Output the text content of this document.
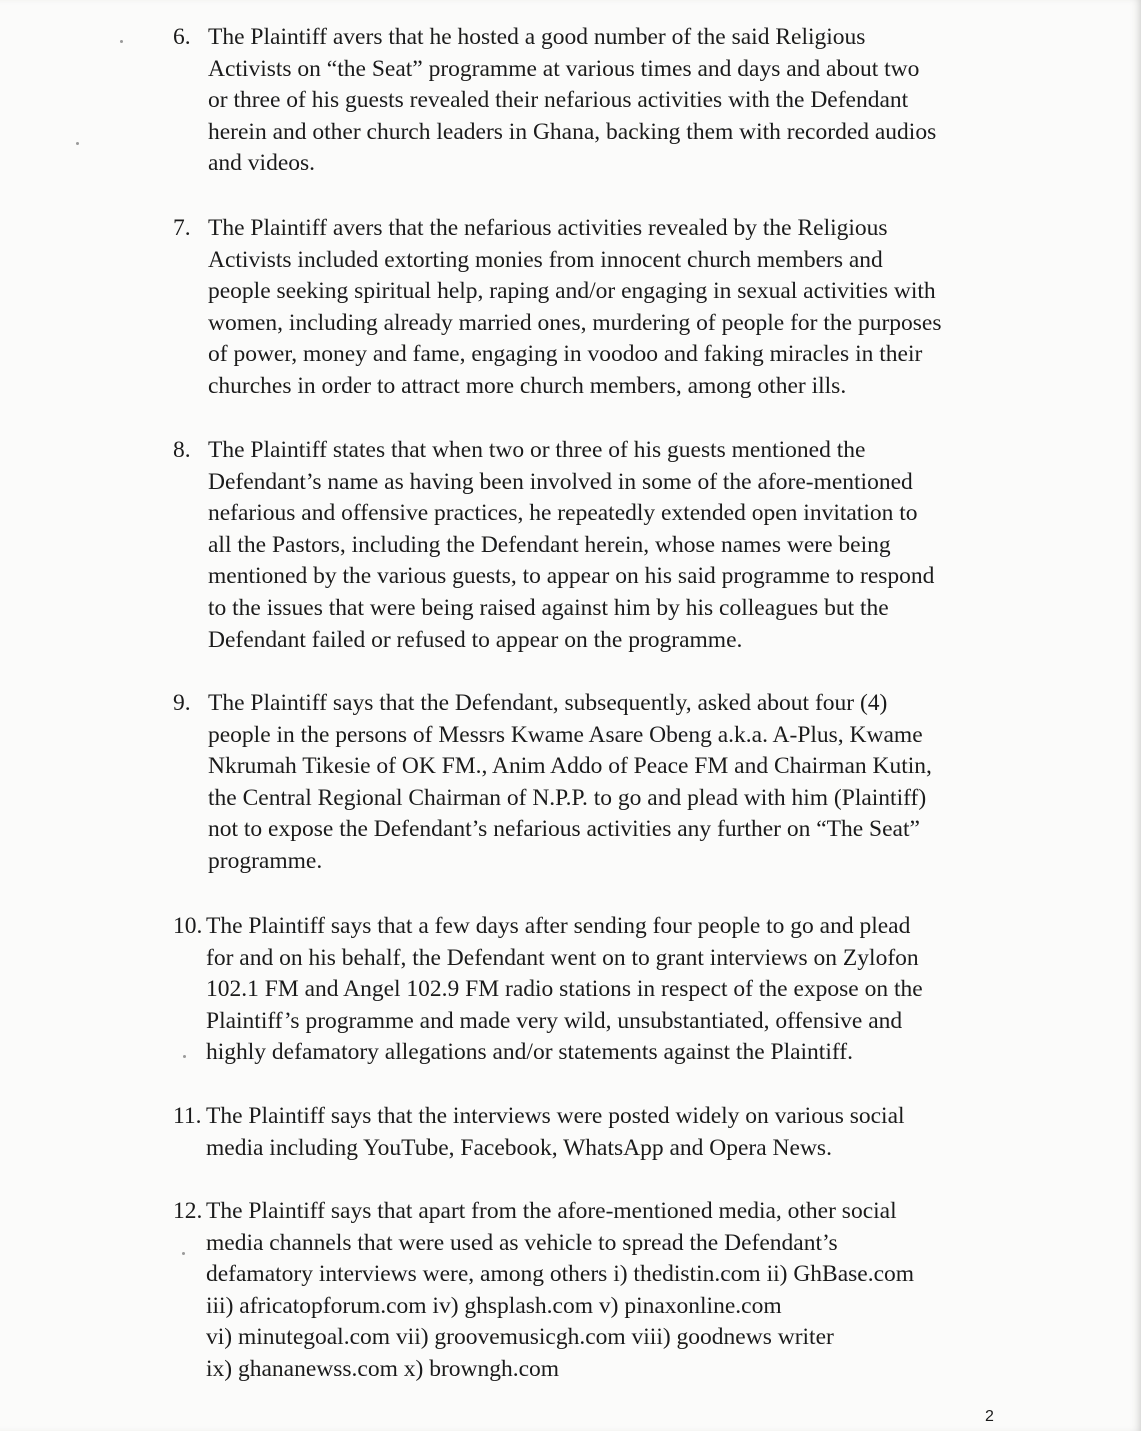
6. The Plaintiff avers that he hosted a good number of the said Religious
Activists on “the Seat” programme at various times and days and about two
or three of his guests revealed their nefarious activities with the Defendant
herein and other church leaders in Ghana, backing them with recorded audios
and videos.
7. The Plaintiff avers that the nefarious activities revealed by the Religious
Activists included extorting monies from innocent church members and
people seeking spiritual help, raping and/or engaging in sexual activities with
women, including already married ones, murdering of people for the purposes
of power, money and fame, engaging in voodoo and faking miracles in their
churches in order to attract more church members, among other ills.
8. The Plaintiff states that when two or three of his guests mentioned the
Defendant’s name as having been involved in some of the afore-mentioned
nefarious and offensive practices, he repeatedly extended open invitation to
all the Pastors, including the Defendant herein, whose names were being
mentioned by the various guests, to appear on his said programme to respond
to the issues that were being raised against him by his colleagues but the
Defendant failed or refused to appear on the programme.
9. The Plaintiff says that the Defendant, subsequently, asked about four (4)
people in the persons of Messrs Kwame Asare Obeng a.k.a. A-Plus, Kwame
Nkrumah Tikesie of OK FM., Anim Addo of Peace FM and Chairman Kutin,
the Central Regional Chairman of N.P.P. to go and plead with him (Plaintiff)
not to expose the Defendant’s nefarious activities any further on “The Seat”
programme.
10. The Plaintiff says that a few days after sending four people to go and plead
for and on his behalf, the Defendant went on to grant interviews on Zylofon
102.1 FM and Angel 102.9 FM radio stations in respect of the expose on the
Plaintiff’s programme and made very wild, unsubstantiated, offensive and
highly defamatory allegations and/or statements against the Plaintiff.
11. The Plaintiff says that the interviews were posted widely on various social
media including YouTube, Facebook, WhatsApp and Opera News.
12. The Plaintiff says that apart from the afore-mentioned media, other social
media channels that were used as vehicle to spread the Defendant’s
defamatory interviews were, among others i) thedistin.com ii) GhBase.com
iii) africatopforum.com iv) ghsplash.com v) pinaxonline.com
vi) minutegoal.com vii) groovemusicgh.com viii) goodnews writer
ix) ghananewss.com x) browngh.com
2
